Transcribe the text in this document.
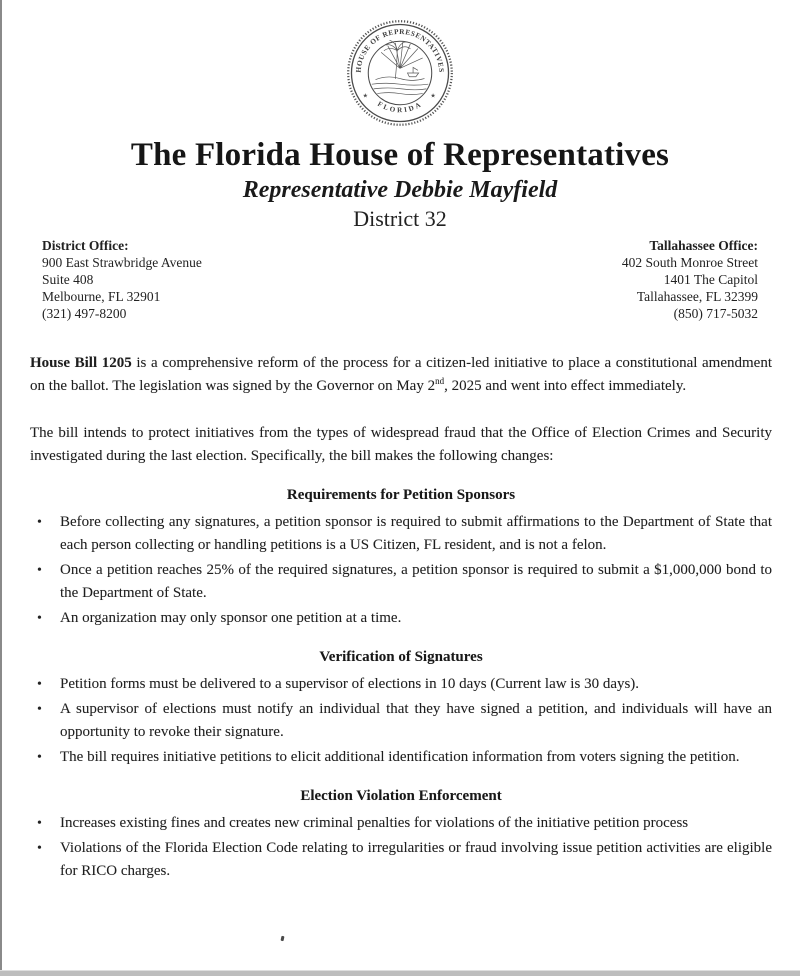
HOUSE OF REPRESENTATIVES
FLORIDA
★	★
The Florida House of Representatives
Representative Debbie Mayfield
District 32
District Office:
900 East Strawbridge Avenue
Suite 408
Melbourne, FL 32901
(321) 497-8200
Tallahassee Office:
402 South Monroe Street
1401 The Capitol
Tallahassee, FL 32399
(850) 717-5032

House Bill 1205 is a comprehensive reform of the process for a citizen-led initiative to place a constitutional amendment on the ballot. The legislation was signed by the Governor on May 2nd, 2025 and went into effect immediately.

The bill intends to protect initiatives from the types of widespread fraud that the Office of Election Crimes and Security investigated during the last election. Specifically, the bill makes the following changes:

Requirements for Petition Sponsors
• Before collecting any signatures, a petition sponsor is required to submit affirmations to the Department of State that each person collecting or handling petitions is a US Citizen, FL resident, and is not a felon.
• Once a petition reaches 25% of the required signatures, a petition sponsor is required to submit a $1,000,000 bond to the Department of State.
• An organization may only sponsor one petition at a time.
Verification of Signatures
• Petition forms must be delivered to a supervisor of elections in 10 days (Current law is 30 days).
• A supervisor of elections must notify an individual that they have signed a petition, and individuals will have an opportunity to revoke their signature.
• The bill requires initiative petitions to elicit additional identification information from voters signing the petition.
Election Violation Enforcement
• Increases existing fines and creates new criminal penalties for violations of the initiative petition process
• Violations of the Florida Election Code relating to irregularities or fraud involving issue petition activities are eligible for RICO charges.
